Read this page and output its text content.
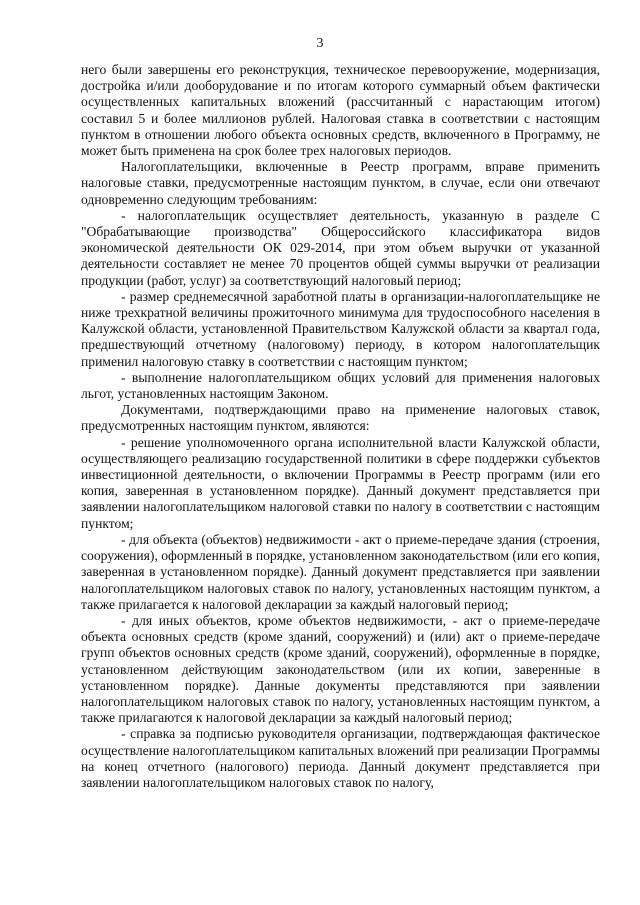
3

него были завершены его реконструкция, техническое перевооружение, модернизация, достройка и/или дооборудование и по итогам которого суммарный объем фактически осуществленных капитальных вложений (рассчитанный с нарастающим итогом) составил 5 и более миллионов рублей. Налоговая ставка в соответствии с настоящим пунктом в отношении любого объекта основных средств, включенного в Программу, не может быть применена на срок более трех налоговых периодов.

Налогоплательщики, включенные в Реестр программ, вправе применить налоговые ставки, предусмотренные настоящим пунктом, в случае, если они отвечают одновременно следующим требованиям:

- налогоплательщик осуществляет деятельность, указанную в разделе С "Обрабатывающие производства" Общероссийского классификатора видов экономической деятельности ОК 029-2014, при этом объем выручки от указанной деятельности составляет не менее 70 процентов общей суммы выручки от реализации продукции (работ, услуг) за соответствующий налоговый период;

- размер среднемесячной заработной платы в организации-налогоплательщике не ниже трехкратной величины прожиточного минимума для трудоспособного населения в Калужской области, установленной Правительством Калужской области за квартал года, предшествующий отчетному (налоговому) периоду, в котором налогоплательщик применил налоговую ставку в соответствии с настоящим пунктом;

- выполнение налогоплательщиком общих условий для применения налоговых льгот, установленных настоящим Законом.

Документами, подтверждающими право на применение налоговых ставок, предусмотренных настоящим пунктом, являются:

- решение уполномоченного органа исполнительной власти Калужской области, осуществляющего реализацию государственной политики в сфере поддержки субъектов инвестиционной деятельности, о включении Программы в Реестр программ (или его копия, заверенная в установленном порядке). Данный документ представляется при заявлении налогоплательщиком налоговой ставки по налогу в соответствии с настоящим пунктом;

- для объекта (объектов) недвижимости - акт о приеме-передаче здания (строения, сооружения), оформленный в порядке, установленном законодательством (или его копия, заверенная в установленном порядке). Данный документ представляется при заявлении налогоплательщиком налоговых ставок по налогу, установленных настоящим пунктом, а также прилагается к налоговой декларации за каждый налоговый период;

- для иных объектов, кроме объектов недвижимости, - акт о приеме-передаче объекта основных средств (кроме зданий, сооружений) и (или) акт о приеме-передаче групп объектов основных средств (кроме зданий, сооружений), оформленные в порядке, установленном действующим законодательством (или их копии, заверенные в установленном порядке). Данные документы представляются при заявлении налогоплательщиком налоговых ставок по налогу, установленных настоящим пунктом, а также прилагаются к налоговой декларации за каждый налоговый период;

- справка за подписью руководителя организации, подтверждающая фактическое осуществление налогоплательщиком капитальных вложений при реализации Программы на конец отчетного (налогового) периода. Данный документ представляется при заявлении налогоплательщиком налоговых ставок по налогу,
